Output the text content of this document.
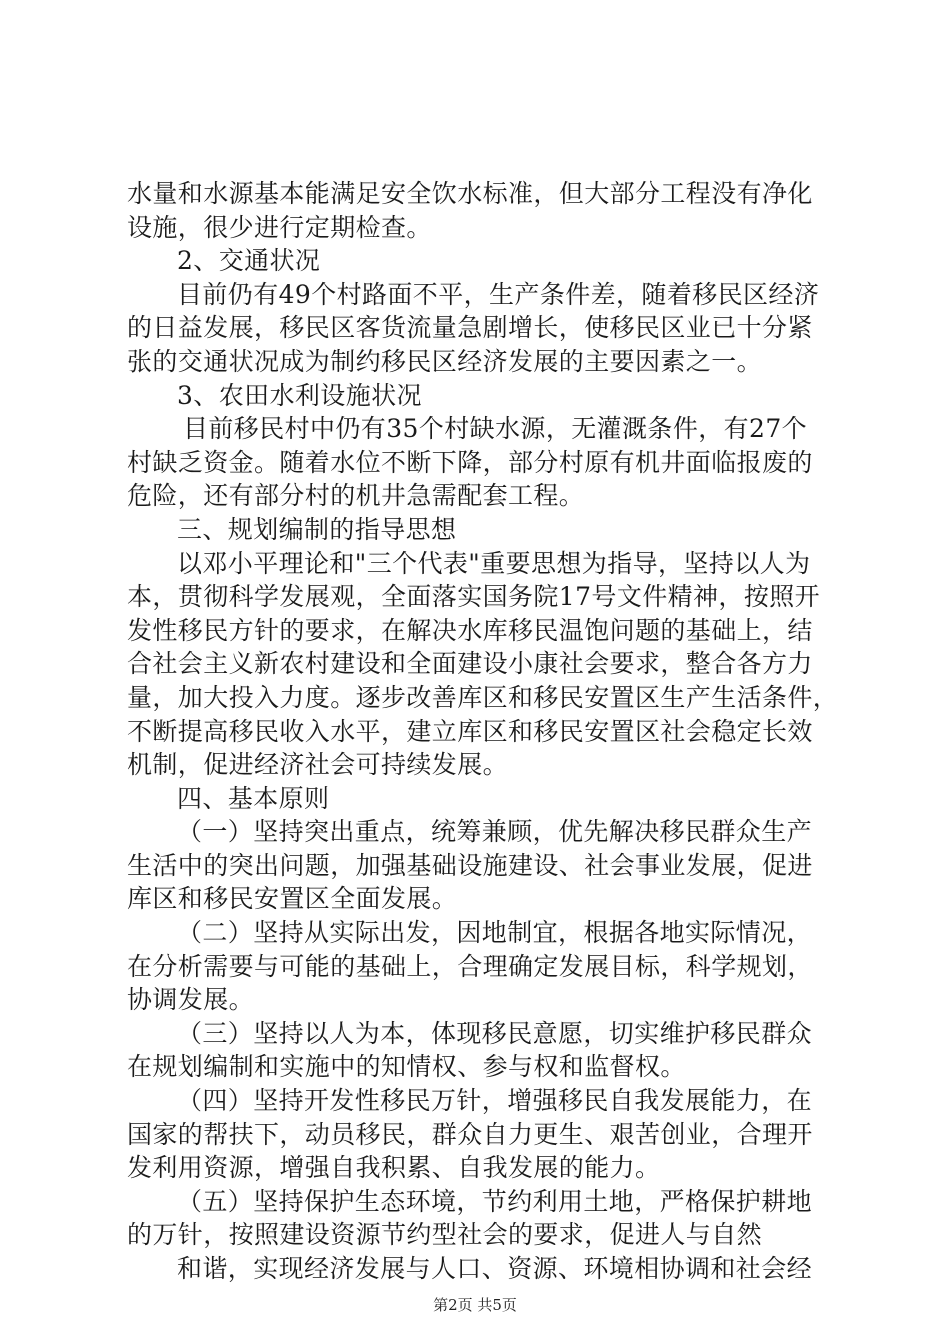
水量和水源基本能满足安全饮水标准，但大部分工程没有净化
设施，很少进行定期检查。
2、交通状况
目前仍有49个村路面不平，生产条件差，随着移民区经济
的日益发展，移民区客货流量急剧增长，使移民区业已十分紧
张的交通状况成为制约移民区经济发展的主要因素之一。
3、农田水利设施状况
目前移民村中仍有35个村缺水源，无灌溉条件，有27个
村缺乏资金。随着水位不断下降，部分村原有机井面临报废的
危险，还有部分村的机井急需配套工程。
三、规划编制的指导思想
以邓小平理论和"三个代表"重要思想为指导，坚持以人为
本，贯彻科学发展观，全面落实国务院17号文件精神，按照开
发性移民方针的要求，在解决水库移民温饱问题的基础上，结
合社会主义新农村建设和全面建设小康社会要求，整合各方力
量，加大投入力度。逐步改善库区和移民安置区生产生活条件，
不断提高移民收入水平，建立库区和移民安置区社会稳定长效
机制，促进经济社会可持续发展。
四、基本原则
（一）坚持突出重点，统筹兼顾，优先解决移民群众生产
生活中的突出问题，加强基础设施建设、社会事业发展，促进
库区和移民安置区全面发展。
（二）坚持从实际出发，因地制宜，根据各地实际情况，
在分析需要与可能的基础上，合理确定发展目标，科学规划，
协调发展。
（三）坚持以人为本，体现移民意愿，切实维护移民群众
在规划编制和实施中的知情权、参与权和监督权。
（四）坚持开发性移民万针，增强移民自我发展能力，在
国家的帮扶下，动员移民，群众自力更生、艰苦创业，合理开
发利用资源，增强自我积累、自我发展的能力。
（五）坚持保护生态环境，节约利用土地，严格保护耕地
的万针，按照建设资源节约型社会的要求，促进人与自然
和谐，实现经济发展与人口、资源、环境相协调和社会经
第2页 共5页
